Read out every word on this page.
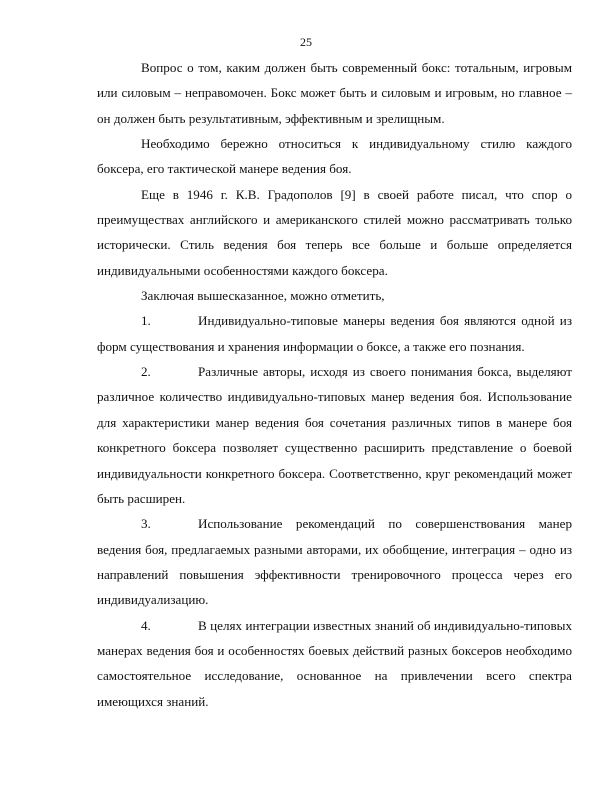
25

Вопрос о том, каким должен быть современный бокс: тотальным, игровым или силовым – неправомочен. Бокс может быть и силовым и игровым, но главное – он должен быть результативным, эффективным и зрелищным.

Необходимо бережно относиться к индивидуальному стилю каждого боксера, его тактической манере ведения боя.

Еще в 1946 г. К.В. Градополов [9] в своей работе писал, что спор о преимуществах английского и американского стилей можно рассматривать только исторически. Стиль ведения боя теперь все больше и больше определяется индивидуальными особенностями каждого боксера.

Заключая вышесказанное, можно отметить,

1.	Индивидуально-типовые манеры ведения боя являются одной из форм существования и хранения информации о боксе, а также его познания.

2.	Различные авторы, исходя из своего понимания бокса, выделяют различное количество индивидуально-типовых манер ведения боя. Использование для характеристики манер ведения боя сочетания различных типов в манере боя конкретного боксера позволяет существенно расширить представление о боевой индивидуальности конкретного боксера. Соответственно, круг рекомендаций может быть расширен.

3.	Использование рекомендаций по совершенствования манер ведения боя, предлагаемых разными авторами, их обобщение, интеграция – одно из направлений повышения эффективности тренировочного процесса через его индивидуализацию.

4.	В целях интеграции известных знаний об индивидуально-типовых манерах ведения боя и особенностях боевых действий разных боксеров необходимо самостоятельное исследование, основанное на привлечении всего спектра имеющихся знаний.
